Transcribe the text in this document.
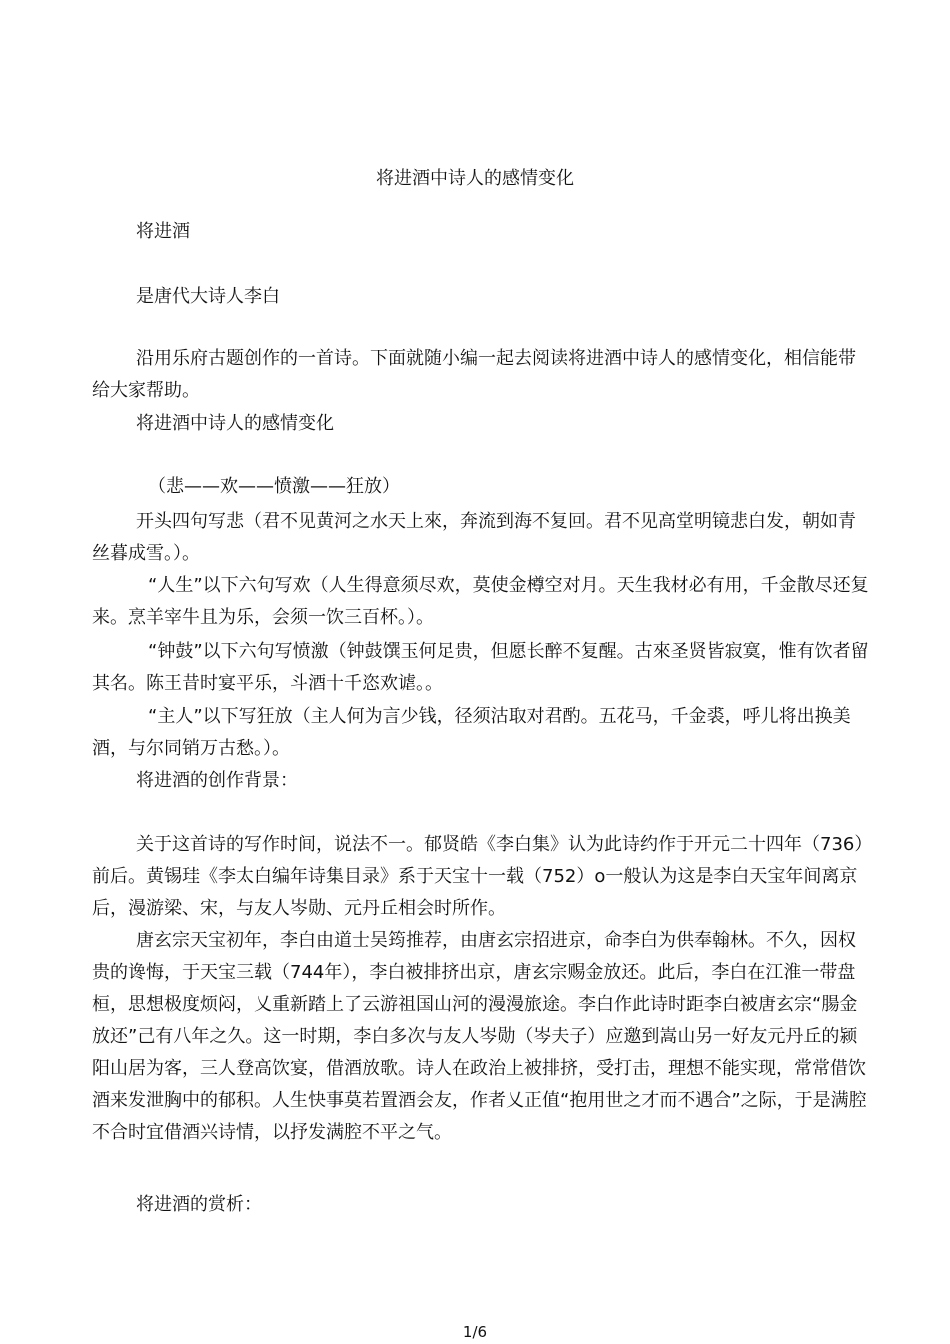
将进酒中诗人的感情变化

将进酒

是唐代大诗人李白

沿用乐府古题创作的一首诗。下面就随小编一起去阅读将进酒中诗人的感情变化，相信能带给大家帮助。

将进酒中诗人的感情变化

（悲——欢——愤激——狂放）

开头四句写悲（君不见黄河之水天上來，奔流到海不复回。君不见高堂明镜悲白发，朝如青丝暮成雪。）。

“人生”以下六句写欢（人生得意须尽欢，莫使金樽空对月。天生我材必有用，千金散尽还复来。烹羊宰牛且为乐，会须一饮三百杯。）。

“钟鼓”以下六句写愤激（钟鼓馔玉何足贵，但愿长醉不复醒。古來圣贤皆寂寞，惟有饮者留其名。陈王昔时宴平乐，斗酒十千恣欢谑。。

“主人”以下写狂放（主人何为言少钱，径须沽取对君酌。五花马，千金裘，呼儿将出换美酒，与尔同销万古愁。）。

将进酒的创作背景：

关于这首诗的写作时间，说法不一。郁贤皓《李白集》认为此诗约作于开元二十四年（736）前后。黄锡珪《李太白编年诗集目录》系于天宝十一载（752）o一般认为这是李白天宝年间离京后，漫游梁、宋，与友人岑勋、元丹丘相会时所作。

唐玄宗天宝初年，李白由道士吴筠推荐，由唐玄宗招进京，命李白为供奉翰林。不久，因权贵的谗悔，于天宝三载（744年），李白被排挤出京，唐玄宗赐金放还。此后，李白在江淮一带盘桓，思想极度烦闷，乂重新踏上了云游祖国山河的漫漫旅途。李白作此诗时距李白被唐玄宗“腸金放还”己有八年之久。这一时期，李白多次与友人岑勋（岑夫子）应邀到嵩山另一好友元丹丘的颍阳山居为客，三人登高饮宴，借酒放歌。诗人在政治上被排挤，受打击，理想不能实现，常常借饮酒来发泄胸中的郁积。人生快事莫若置酒会友，作者乂正值“抱用世之才而不遇合”之际，于是满腔不合时宜借酒兴诗情，以抒发满腔不平之气。

将进酒的赏析：

1/6
